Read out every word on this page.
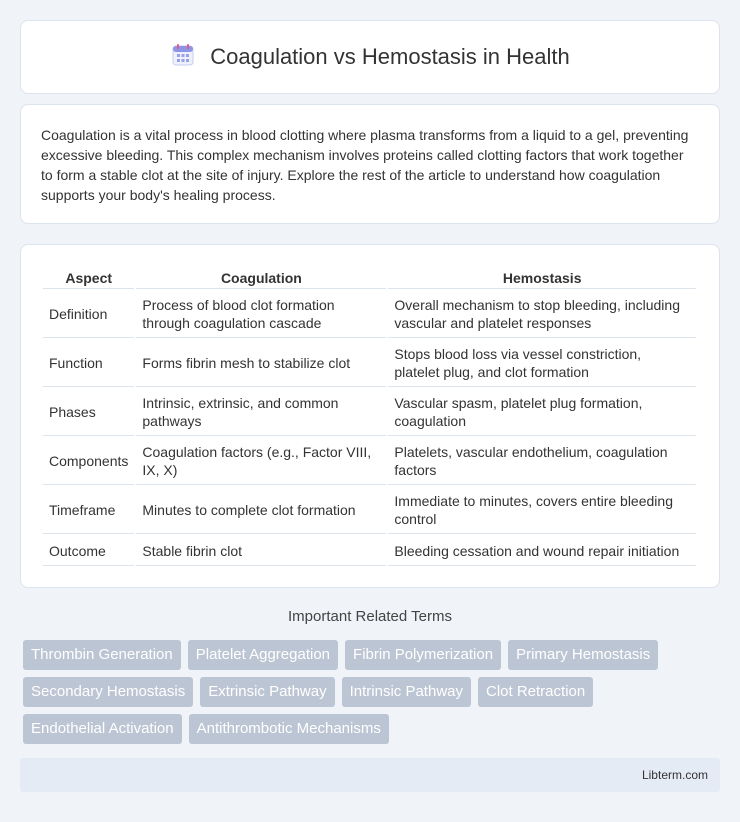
Coagulation vs Hemostasis in Health

Coagulation is a vital process in blood clotting where plasma transforms from a liquid to a gel, preventing excessive bleeding. This complex mechanism involves proteins called clotting factors that work together to form a stable clot at the site of injury. Explore the rest of the article to understand how coagulation supports your body's healing process.

Aspect	Coagulation	Hemostasis
Definition	Process of blood clot formation through coagulation cascade	Overall mechanism to stop bleeding, including vascular and platelet responses
Function	Forms fibrin mesh to stabilize clot	Stops blood loss via vessel constriction, platelet plug, and clot formation
Phases	Intrinsic, extrinsic, and common pathways	Vascular spasm, platelet plug formation, coagulation
Components	Coagulation factors (e.g., Factor VIII, IX, X)	Platelets, vascular endothelium, coagulation factors
Timeframe	Minutes to complete clot formation	Immediate to minutes, covers entire bleeding control
Outcome	Stable fibrin clot	Bleeding cessation and wound repair initiation
Important Related Terms
Thrombin Generation	Platelet Aggregation	Fibrin Polymerization	Primary Hemostasis
Secondary Hemostasis	Extrinsic Pathway	Intrinsic Pathway	Clot Retraction
Endothelial Activation	Antithrombotic Mechanisms
Libterm.com
